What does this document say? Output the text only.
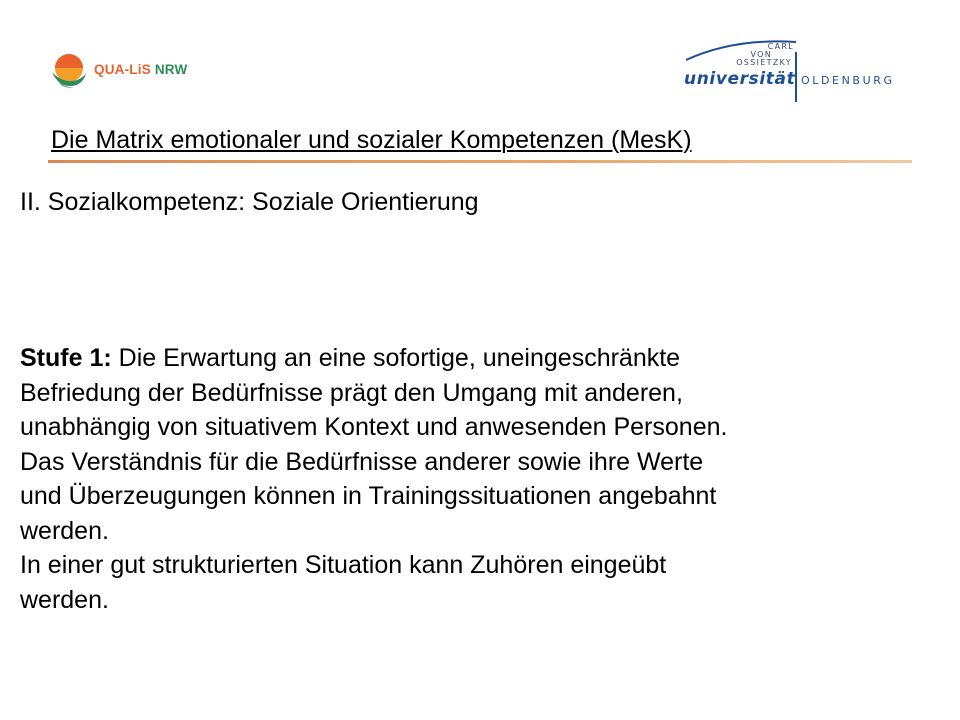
QUA-LiS NRW
CARL
VON
OSSIETZKY
universität OLDENBURG
Die Matrix emotionaler und sozialer Kompetenzen (MesK)
II. Sozialkompetenz: Soziale Orientierung

Stufe 1: Die Erwartung an eine sofortige, uneingeschränkte

Befriedung der Bedürfnisse prägt den Umgang mit anderen,

unabhängig von situativem Kontext und anwesenden Personen.

Das Verständnis für die Bedürfnisse anderer sowie ihre Werte

und Überzeugungen können in Trainingssituationen angebahnt

werden.

In einer gut strukturierten Situation kann Zuhören eingeübt

werden.
